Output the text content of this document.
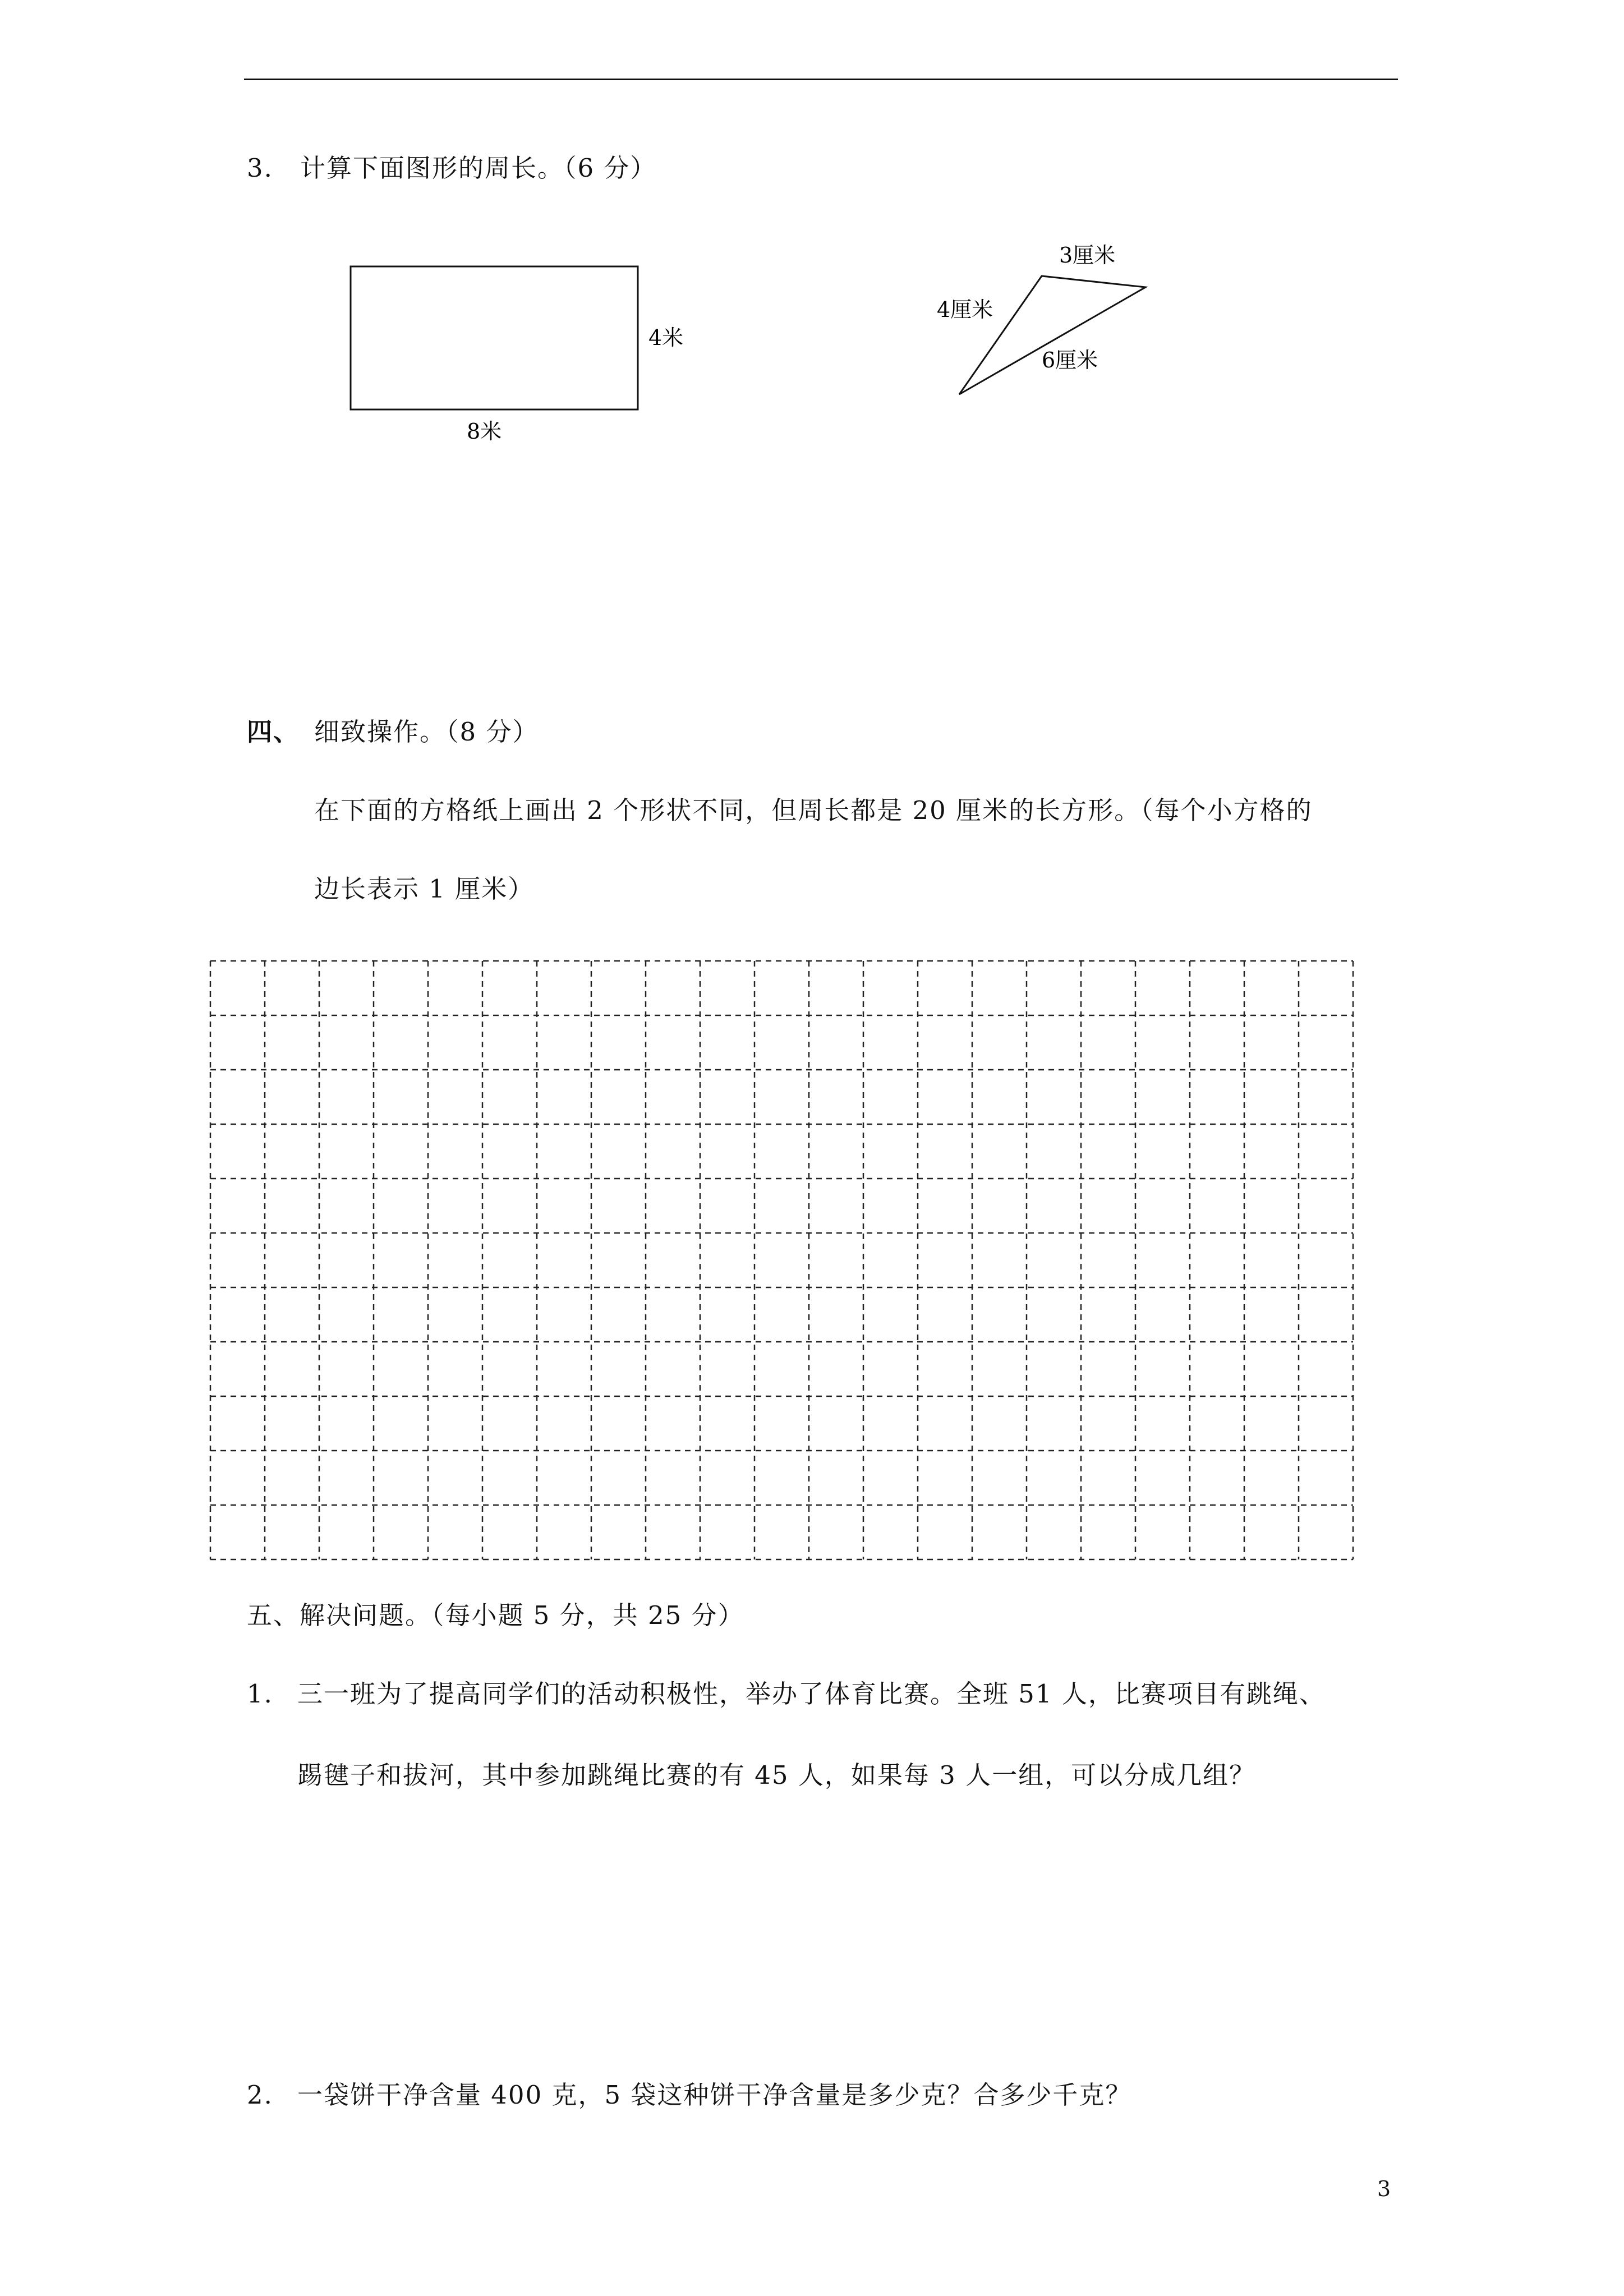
3. 计算下面图形的周长。（6 分）
4米
8米
3厘米
4厘米
6厘米
四、 细致操作。（8 分）
在下面的方格纸上画出 2 个形状不同，但周长都是 20 厘米的长方形。（每个小方格的
边长表示 1 厘米）
五、解决问题。（每小题 5 分，共 25 分）
1. 三一班为了提高同学们的活动积极性，举办了体育比赛。全班 51 人，比赛项目有跳绳、
踢毽子和拔河，其中参加跳绳比赛的有 45 人，如果每 3 人一组，可以分成几组？
2. 一袋饼干净含量 400 克，5 袋这种饼干净含量是多少克？合多少千克？
3
